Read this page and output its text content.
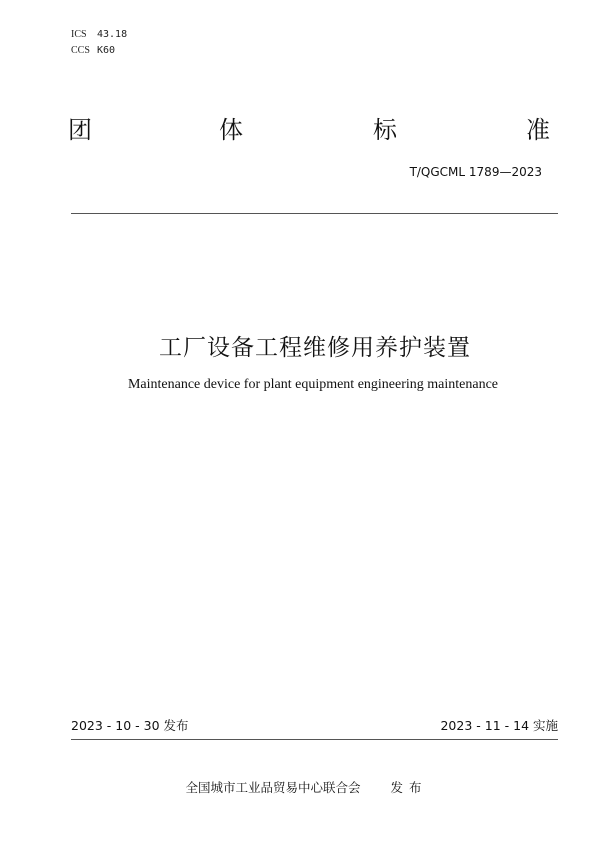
ICS 43.18
CCS K60
团	体	标	准
T/QGCML 1789—2023
工厂设备工程维修用养护装置
Maintenance device for plant equipment engineering maintenance
2023 - 10 - 30 发布	2023 - 11 - 14 实施
全国城市工业品贸易中心联合会 发布
